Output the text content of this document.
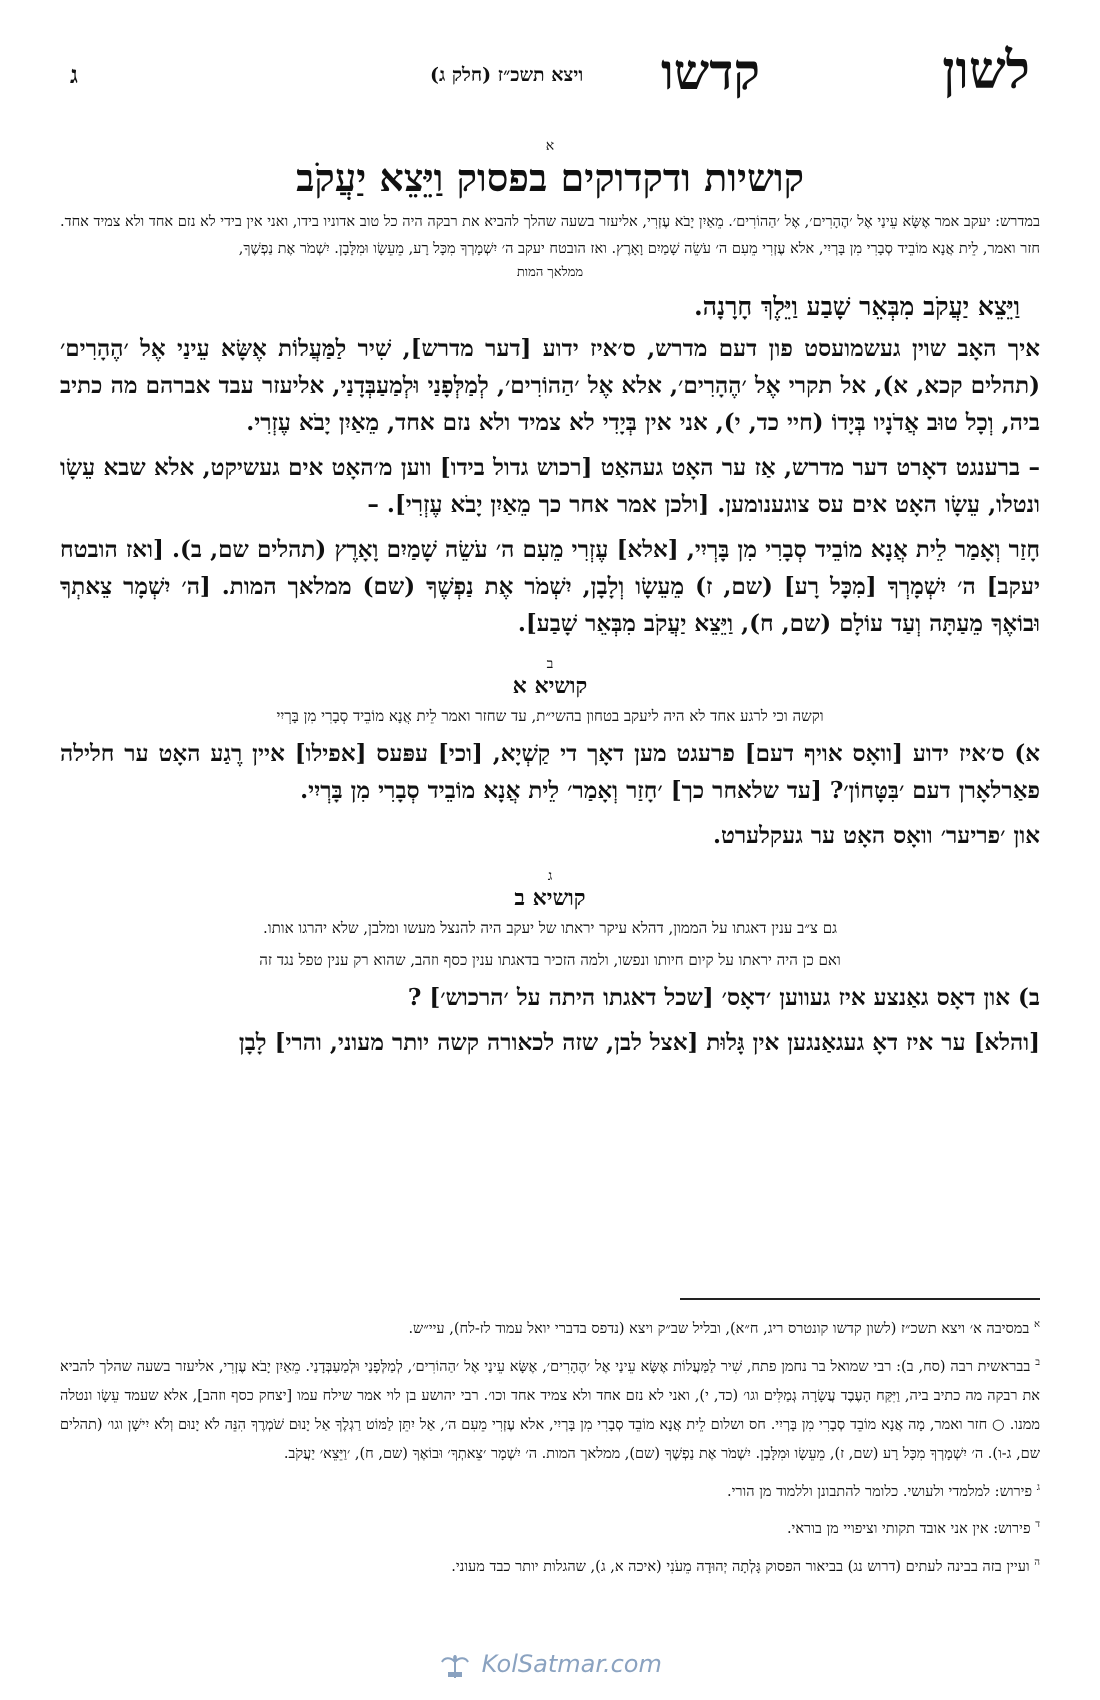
לשון
קדשו
ויצא תשכ״ז (חלק ג)
ג

א

קושיות ודקדוקים בפסוק וַיֵּצֵא יַעֲקֹב

במדרש: יעקב אמר אֶשָּׂא עֵינַי אֶל ׳הֶהָרִים׳, אֶל ׳הַהוֹרִים׳. מֵאַיִן יָבֹא עֶזְרִי, אליעזר בשעה שהלך להביא את רבקה היה כל טוב אדוניו בידו, ואני אין בידי לא נזם אחד ולא צמיד אחד. חזר ואמר, לֵית אֲנָא מוֹבֵיד סְבָרִי מִן בָּרְיִי, אלא עֶזְרִי מֵעִם ה׳ עֹשֵׂה שָׁמַיִם וָאָרֶץ. ואז הובטח יעקב ה׳ יִשְׁמָרְךָ מִכָּל רָע, מֵעֵשָׂו וּמִלָּבָן. יִשְׁמֹר אֶת נַפְשֶׁךָ,
ממלאך המות

וַיֵּצֵא יַעֲקֹב מִבְּאֵר שָׁבַע וַיֵּלֶךְ חָרָנָה.

איך האָב שוין געשמועסט פון דעם מדרש, ס׳איז ידוע [דער מדרש], שִׁיר לַמַּעֲלוֹת אֶשָּׂא עֵינַי אֶל ׳הֶהָרִים׳ (תהלים קכא, א), אל תקרי אֶל ׳הֶהָרִים׳, אלא אֶל ׳הַהוֹרִים׳, לְמַלְּפָנַי וּלְמַעַבְּדָנַי, אליעזר עבד אברהם מה כתיב ביה, וְכָל טוּב אֲדֹנָיו בְּיָדוֹ (חיי כד, י), אני אין בְּיָדִי לא צמיד ולא נזם אחד, מֵאַיִן יָבֹא עֶזְרִי.

– ברענגט דאָרט דער מדרש, אַז ער האָט געהאַט [רכוש גדול בידו] ווען מ׳האָט אים געשיקט, אלא שבא עֵשָׂו ונטלו, עֵשָׂו האָט אים עס צוגענומען. [ולכן אמר אחר כך מֵאַיִן יָבֹא עֶזְרִי]. –

חָזַר וְאָמַר לֵית אֲנָא מוֹבֵיד סְבָרִי מִן בָּרְיִי, [אלא] עֶזְרִי מֵעִם ה׳ עֹשֵׂה שָׁמַיִם וָאָרֶץ (תהלים שם, ב). [ואז הובטח יעקב] ה׳ יִשְׁמָרְךָ [מִכָּל רָע] (שם, ז) מֵעֵשָׂו וְלָבָן, יִשְׁמֹר אֶת נַפְשֶׁךָ (שם) ממלאך המות. [ה׳ יִשְׁמָר צֵאתְךָ וּבוֹאֶךָ מֵעַתָּה וְעַד עוֹלָם (שם, ח), וַיֵּצֵא יַעֲקֹב מִבְּאֵר שָׁבַע].

ב

קושיא א

וקשה וכי לרגע אחד לא היה ליעקב בטחון בהשי״ת, עד שחזר ואמר לֵית אֲנָא מוֹבֵיד סְבָרִי מִן בָּרְיִי

א) ס׳איז ידוע [וואָס אויף דעם] פרעגט מען דאָך די קַשְׁיָא, [וכי] עפּעס [אפילו] איין רֶגַע האָט ער חלילה פאַרלאָרן דעם ׳בִּטָּחוֹן׳? [עד שלאחר כך] ׳חָזַר וְאָמַר׳ לֵית אֲנָא מוֹבֵיד סְבָרִי מִן בָּרְיִי.

און ׳פריער׳ וואָס האָט ער געקלערט.

ג

קושיא ב

גם צ״ב ענין דאגתו על הממון, דהלא עיקר יראתו של יעקב היה להנצל מעשו ומלבן, שלא יהרגו אותו.

ואם כן היה יראתו על קיום חיותו ונפשו, ולמה הזכיר בדאגתו ענין כסף וזהב, שהוא רק ענין טפל נגד זה

ב) און דאָס גאַנצע איז געווען ׳דאָס׳ [שכל דאגתו היתה על ׳הרכוש׳] ?

[והלא] ער איז דאָ געגאַנגען אין גָּלוּת [אצל לבן, שזה לכאורה קשה יותר מעוני, והרי] לָבָן

$^א$ במסיבה א׳ ויצא תשכ״ז (לשון קדשו קונטרס ריג, ח״א), ובליל שב״ק ויצא (נדפס בדברי יואל עמוד לז-לח), עיי״ש.

$^ב$ בבראשית רבה (סח, ב): רבי שמואל בר נחמן פתח, שִׁיר לַמַּעֲלוֹת אֶשָּׂא עֵינַי אֶל ׳הֶהָרִים׳, אֶשָּׂא עֵינַי אֶל ׳הַהוֹרִים׳, לְמַלְּפָנַי וּלְמַעַבְּדָנַי. מֵאַיִן יָבֹא עֶזְרִי, אליעזר בשעה שהלך להביא את רבקה מה כתיב ביה, וַיִּקַּח הָעֶבֶד עֲשָׂרָה גְמַלִּים וגו׳ (כד, י), ואני לא נזם אחד ולא צמיד אחד וכו׳. רבי יהושע בן לוי אמר שילח עמו [יצחק כסף וזהב], אלא שעמד עֵשָׂו ונטלה ממנו. ○ חזר ואמר, מָה אֲנָא מוֹבֵד סְבָרִי מִן בָּרְיִי. חס ושלום לֵית אֲנָא מוֹבֵד סְבָרִי מִן בָּרְיִי, אלא עֶזְרִי מֵעִם ה׳, אַל יִתֵּן לַמּוֹט רַגְלֶךָ אַל יָנוּם שֹׁמְרֶךָ הִנֵּה לֹא יָנוּם וְלֹא יִישָׁן וגו׳ (תהלים שם, ג-ו). ה׳ יִשְׁמָרְךָ מִכָּל רָע (שם, ז), מֵעֵשָׂו וּמִלָּבָן. יִשְׁמֹר אֶת נַפְשֶׁךָ (שם), ממלאך המות. ה׳ יִשְׁמָר ׳צֵאתְךָ׳ וּבוֹאֶךָ (שם, ח), ׳וַיֵּצֵא׳ יַעֲקֹב.

$^ג$ פירוש: למלמדי ולעושי. כלומר להתבונן וללמוד מן הורי.

$^ד$ פירוש: אין אני אובד תקותי וציפויי מן בוראי.

$^ה$ ועיין בזה בבינה לעתים (דרוש נג) בביאור הפסוק גָּלְתָה יְהוּדָה מֵעֹנִי (איכה א, ג), שהגלות יותר כבד מעוני.

KolSatmar.com
